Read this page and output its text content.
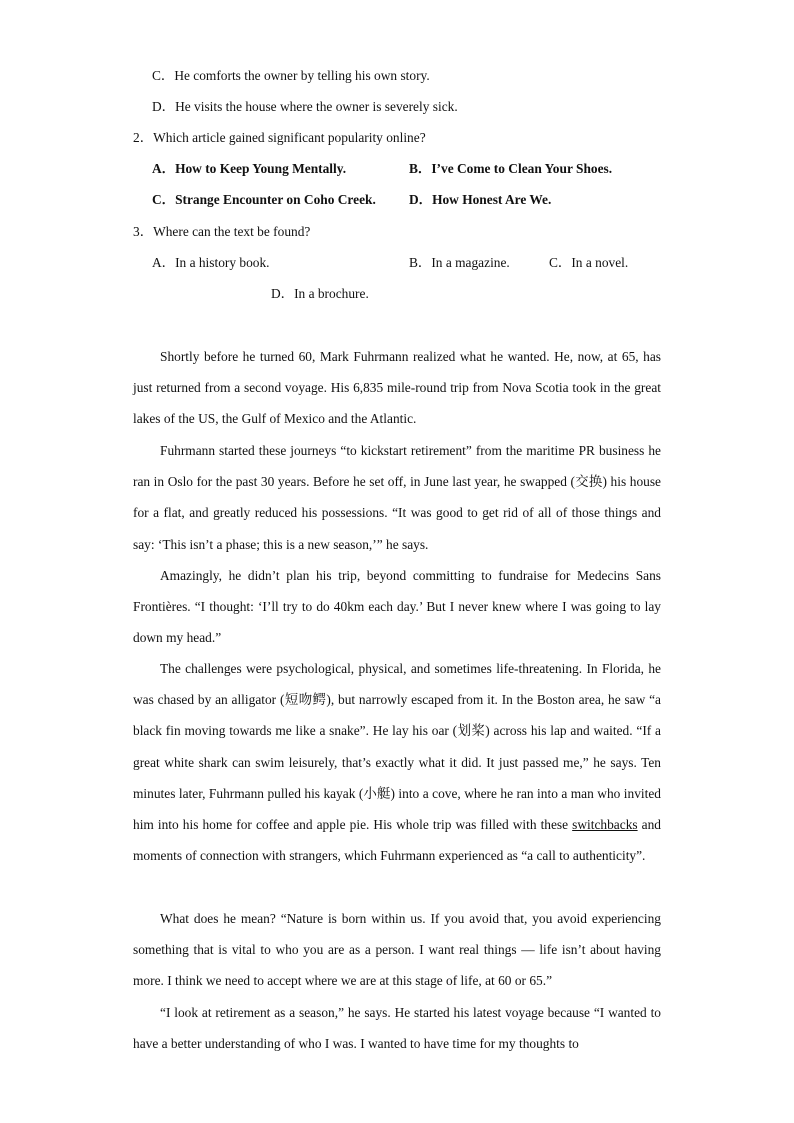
C．He comforts the owner by telling his own story.
D．He visits the house where the owner is severely sick.
2．Which article gained significant popularity online?
A．How to Keep Young Mentally.	B．I’ve Come to Clean Your Shoes.
C．Strange Encounter on Coho Creek. D．How Honest Are We.
3．Where can the text be found?
A．In a history book.	B．In a magazine.	C．In a novel.
D．In a brochure.

Shortly before he turned 60, Mark Fuhrmann realized what he wanted. He, now, at 65, has just returned from a second voyage. His 6,835 mile-round trip from Nova Scotia took in the great lakes of the US, the Gulf of Mexico and the Atlantic.

Fuhrmann started these journeys “to kickstart retirement” from the maritime PR business he ran in Oslo for the past 30 years. Before he set off, in June last year, he swapped (交换) his house for a flat, and greatly reduced his possessions. “It was good to get rid of all of those things and say: ‘This isn’t a phase; this is a new season,’” he says.

Amazingly, he didn’t plan his trip, beyond committing to fundraise for Medecins Sans Frontières. “I thought: ‘I’ll try to do 40km each day.’ But I never knew where I was going to lay down my head.”

The challenges were psychological, physical, and sometimes life-threatening. In Florida, he was chased by an alligator (短吻鳄), but narrowly escaped from it. In the Boston area, he saw “a black fin moving towards me like a snake”. He lay his oar (划桨) across his lap and waited. “If a great white shark can swim leisurely, that’s exactly what it did. It just passed me,” he says. Ten minutes later, Fuhrmann pulled his kayak (小艇) into a cove, where he ran into a man who invited him into his home for coffee and apple pie. His whole trip was filled with these switchbacks and moments of connection with strangers, which Fuhrmann experienced as “a call to authenticity”.

What does he mean? “Nature is born within us. If you avoid that, you avoid experiencing something that is vital to who you are as a person. I want real things — life isn’t about having more. I think we need to accept where we are at this stage of life, at 60 or 65.”

“I look at retirement as a season,” he says. He started his latest voyage because “I wanted to have a better understanding of who I was. I wanted to have time for my thoughts to
